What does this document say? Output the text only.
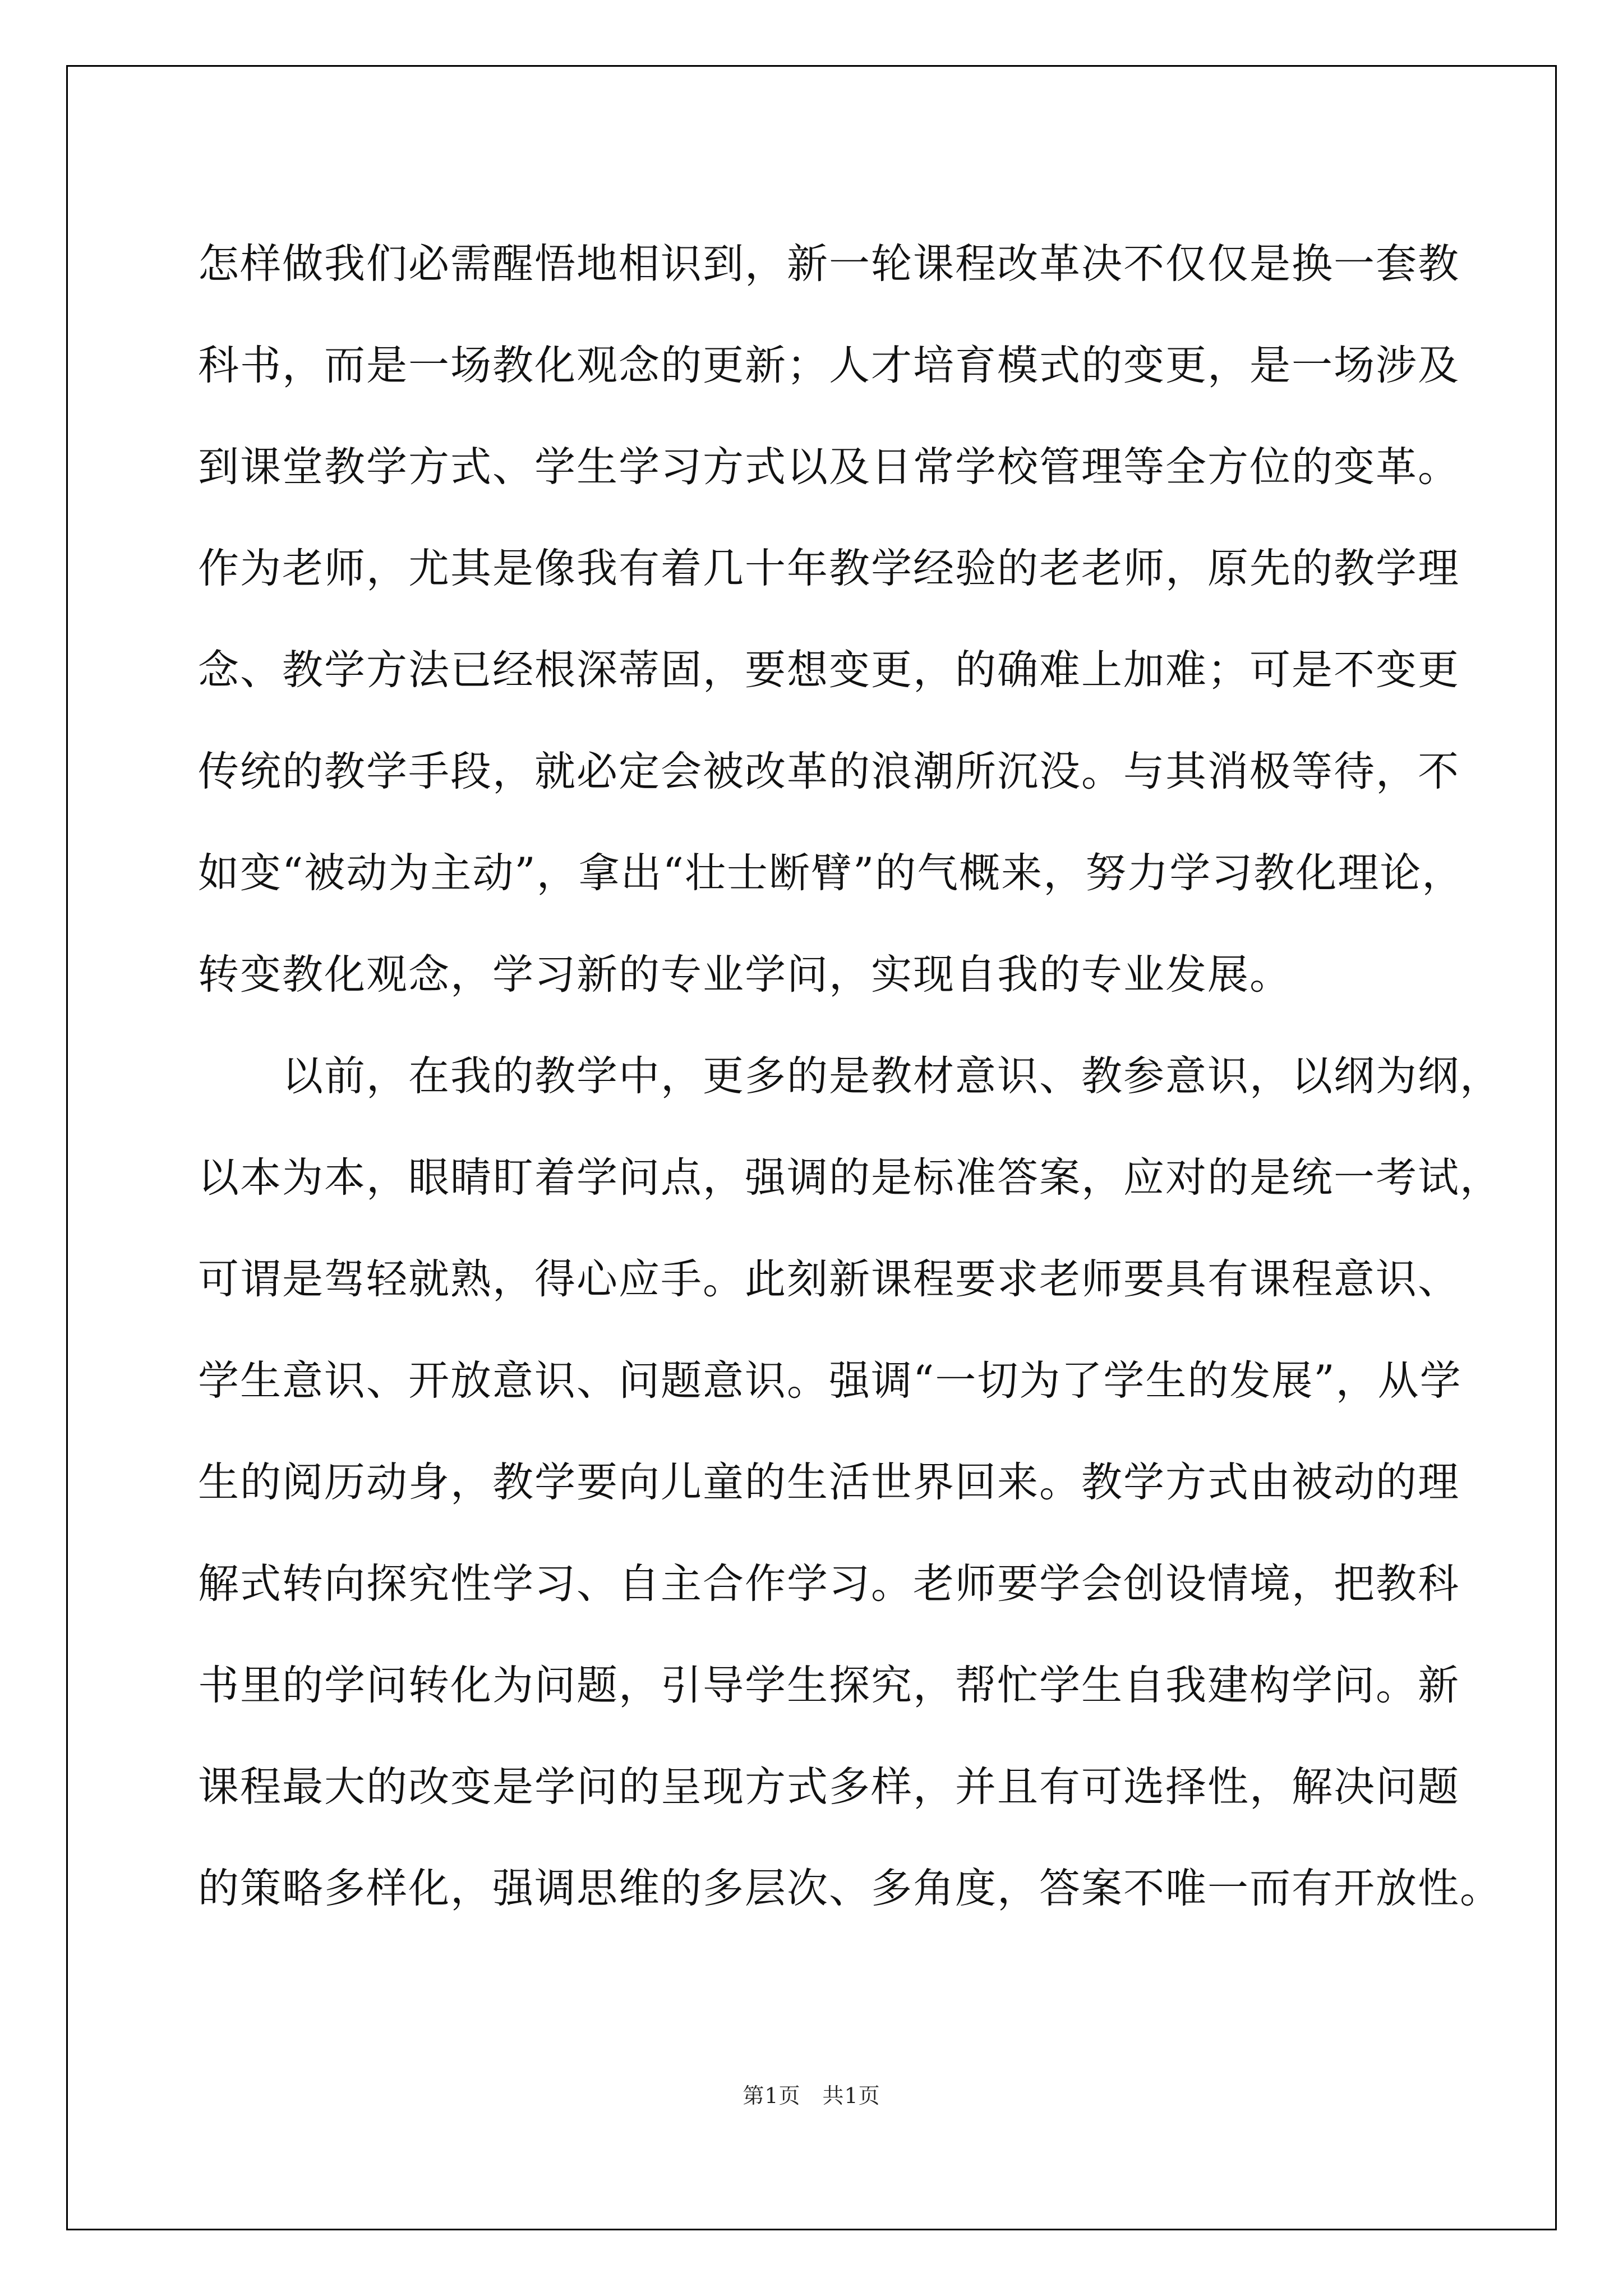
怎样做我们必需醒悟地相识到，新一轮课程改革决不仅仅是换一套教
科书，而是一场教化观念的更新；人才培育模式的变更，是一场涉及
到课堂教学方式、学生学习方式以及日常学校管理等全方位的变革。
作为老师，尤其是像我有着几十年教学经验的老老师，原先的教学理
念、教学方法已经根深蒂固，要想变更，的确难上加难；可是不变更
传统的教学手段，就必定会被改革的浪潮所沉没。与其消极等待，不
如变“被动为主动”，拿出“壮士断臂”的气概来，努力学习教化理论，
转变教化观念，学习新的专业学问，实现自我的专业发展。
　　以前，在我的教学中，更多的是教材意识、教参意识，以纲为纲，
以本为本，眼睛盯着学问点，强调的是标准答案，应对的是统一考试，
可谓是驾轻就熟，得心应手。此刻新课程要求老师要具有课程意识、
学生意识、开放意识、问题意识。强调“一切为了学生的发展”，从学
生的阅历动身，教学要向儿童的生活世界回来。教学方式由被动的理
解式转向探究性学习、自主合作学习。老师要学会创设情境，把教科
书里的学问转化为问题，引导学生探究，帮忙学生自我建构学问。新
课程最大的改变是学问的呈现方式多样，并且有可选择性，解决问题
的策略多样化，强调思维的多层次、多角度，答案不唯一而有开放性。
第1页　共1页
